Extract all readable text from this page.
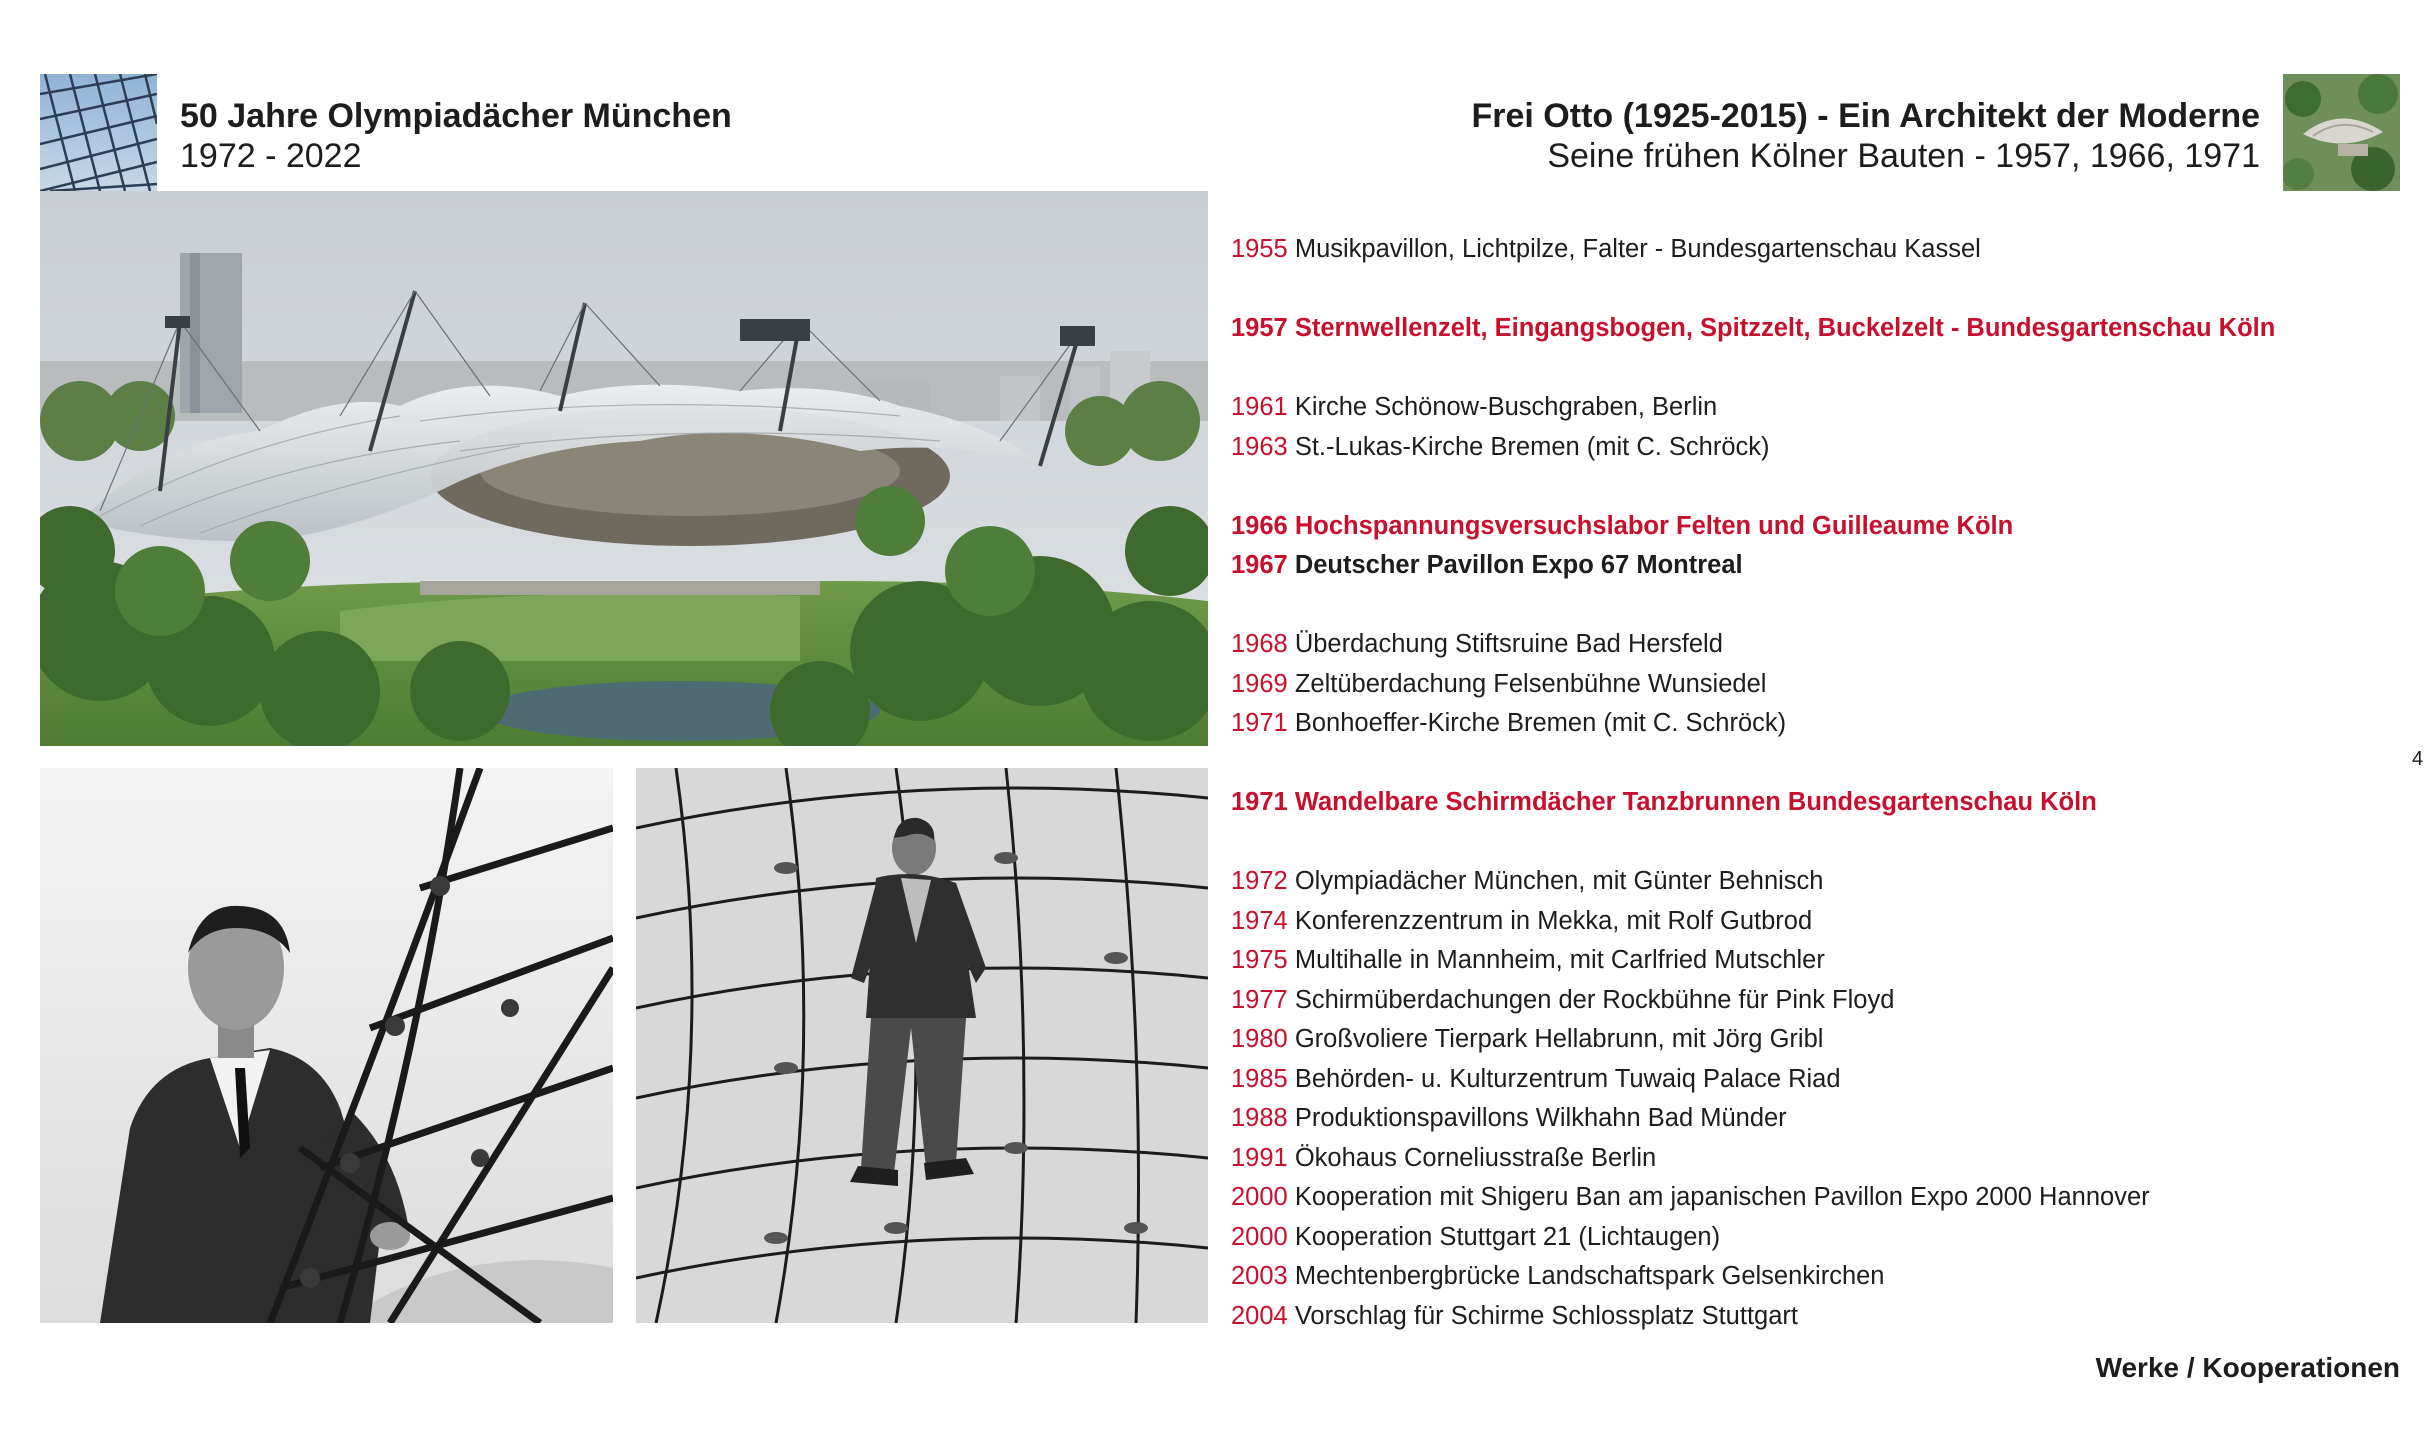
50 Jahre Olympiadächer München
1972 - 2022
Frei Otto (1925-2015) - Ein Architekt der Moderne
Seine frühen Kölner Bauten - 1957, 1966, 1971
1955 Musikpavillon, Lichtpilze, Falter - Bundesgartenschau Kassel
1957 Sternwellenzelt, Eingangsbogen, Spitzzelt, Buckelzelt - Bundesgartenschau Köln
1961 Kirche Schönow-Buschgraben, Berlin
1963 St.-Lukas-Kirche Bremen (mit C. Schröck)
1966 Hochspannungsversuchslabor Felten und Guilleaume Köln
1967 Deutscher Pavillon Expo 67 Montreal
1968 Überdachung Stiftsruine Bad Hersfeld
1969 Zeltüberdachung Felsenbühne Wunsiedel
1971 Bonhoeffer-Kirche Bremen (mit C. Schröck)
1971 Wandelbare Schirmdächer Tanzbrunnen Bundesgartenschau Köln
1972 Olympiadächer München, mit Günter Behnisch
1974 Konferenzzentrum in Mekka, mit Rolf Gutbrod
1975 Multihalle in Mannheim, mit Carlfried Mutschler
1977 Schirmüberdachungen der Rockbühne für Pink Floyd
1980 Großvoliere Tierpark Hellabrunn, mit Jörg Gribl
1985 Behörden- u. Kulturzentrum Tuwaiq Palace Riad
1988 Produktionspavillons Wilkhahn Bad Münder
1991 Ökohaus Corneliusstraße Berlin
2000 Kooperation mit Shigeru Ban am japanischen Pavillon Expo 2000 Hannover
2000 Kooperation Stuttgart 21 (Lichtaugen)
2003 Mechtenbergbrücke Landschaftspark Gelsenkirchen
2004 Vorschlag für Schirme Schlossplatz Stuttgart
4
Werke / Kooperationen
